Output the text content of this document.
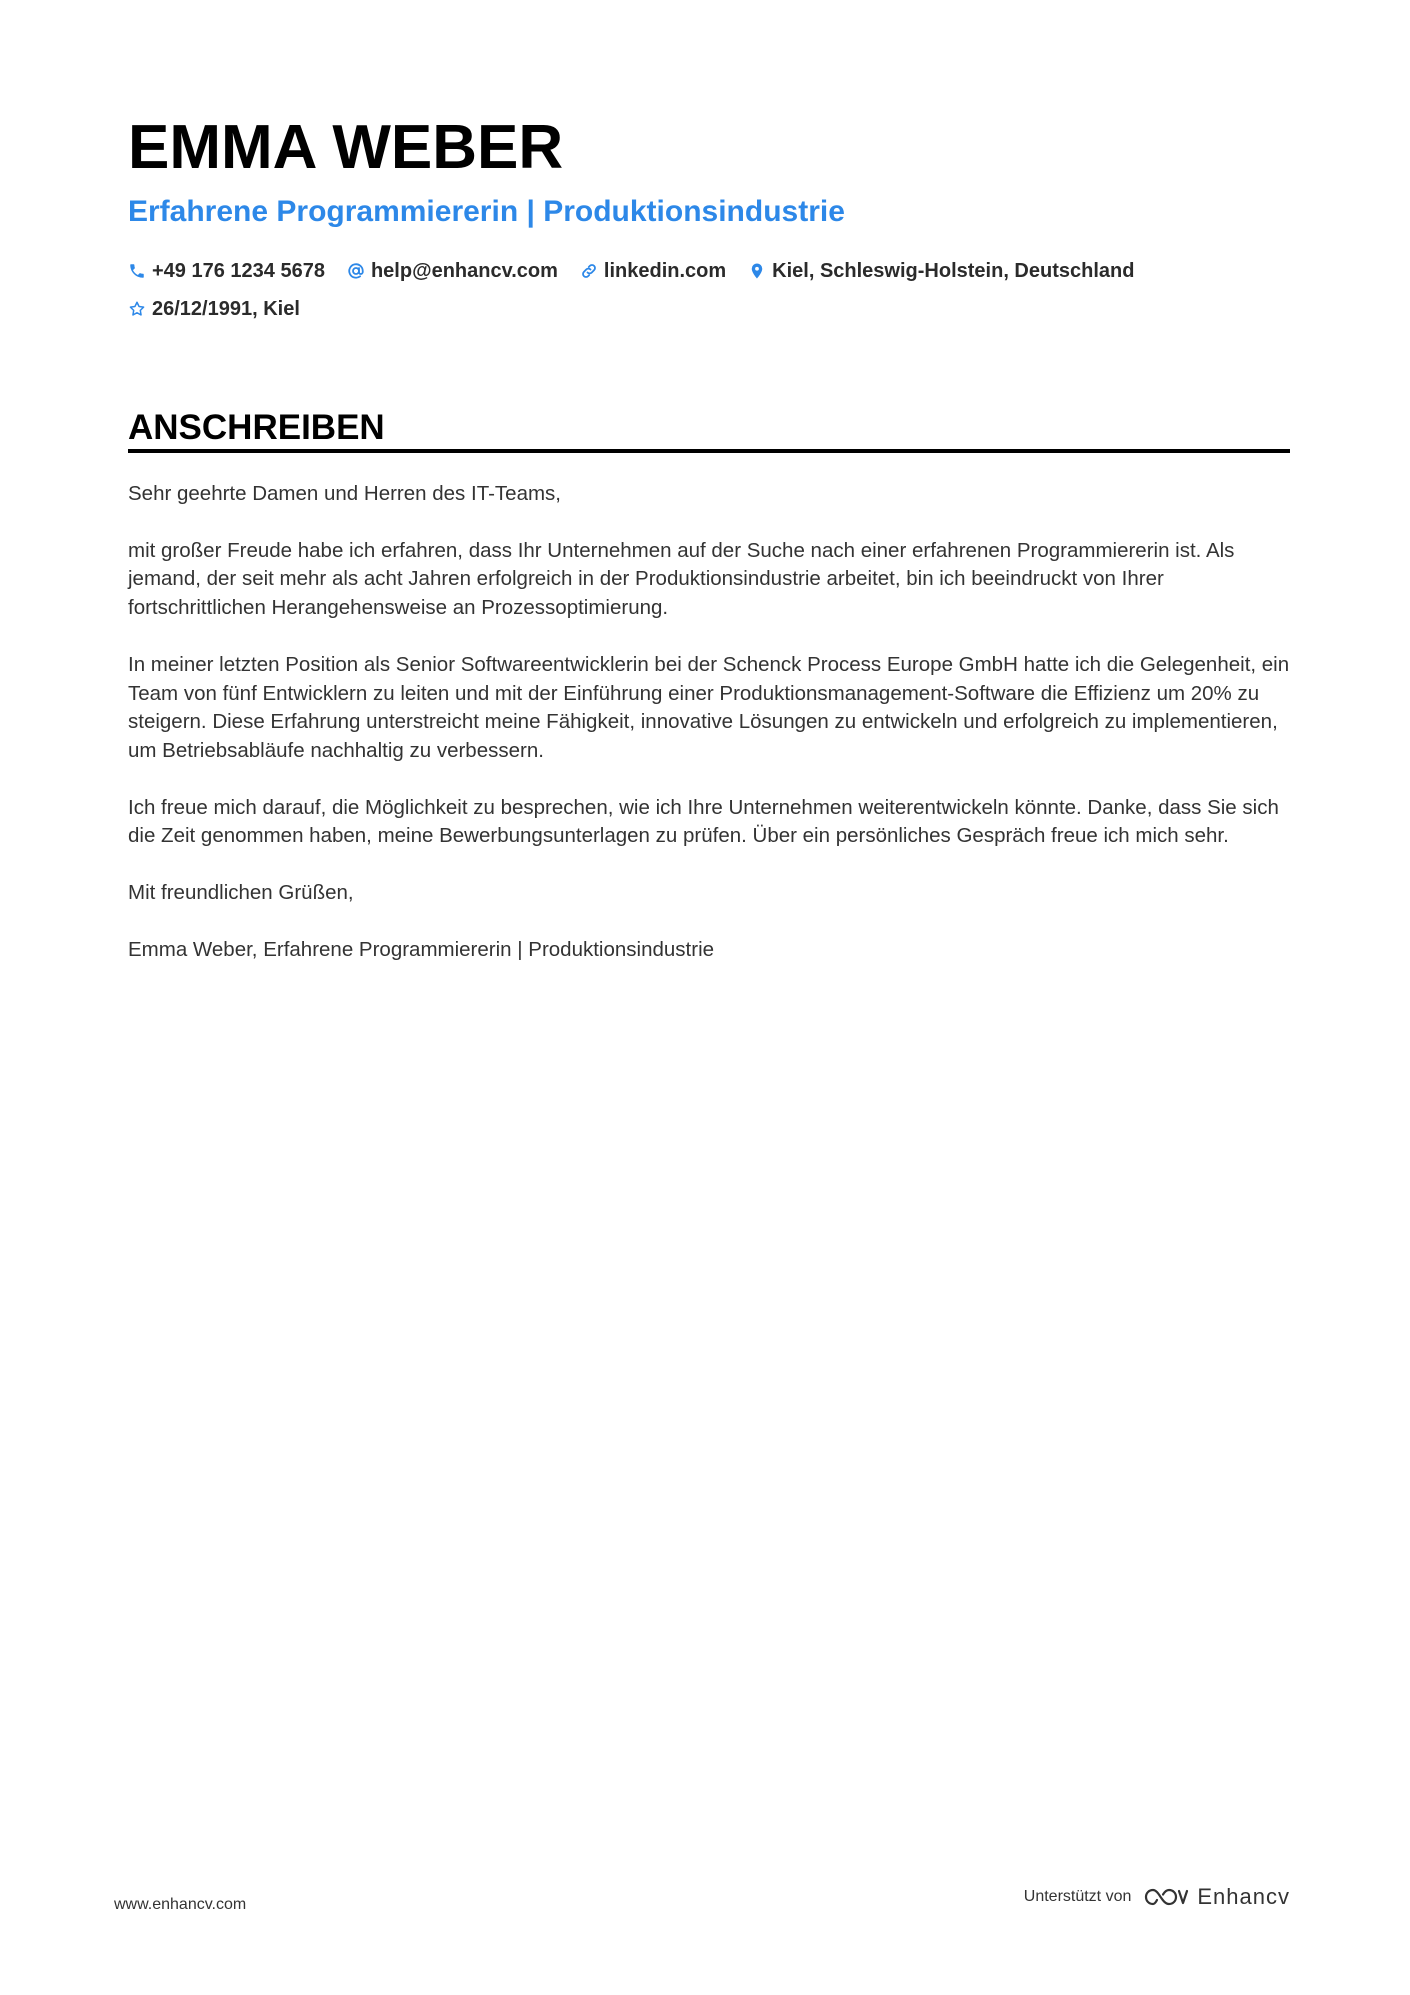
EMMA WEBER
Erfahrene Programmiererin | Produktionsindustrie
+49 176 1234 5678 help@enhancv.com linkedin.com Kiel, Schleswig-Holstein, Deutschland
26/12/1991, Kiel
ANSCHREIBEN

Sehr geehrte Damen und Herren des IT-Teams,

mit großer Freude habe ich erfahren, dass Ihr Unternehmen auf der Suche nach einer erfahrenen Programmiererin ist. Als jemand, der seit mehr als acht Jahren erfolgreich in der Produktionsindustrie arbeitet, bin ich beeindruckt von Ihrer fortschrittlichen Herangehensweise an Prozessoptimierung.

In meiner letzten Position als Senior Softwareentwicklerin bei der Schenck Process Europe GmbH hatte ich die Gelegenheit, ein Team von fünf Entwicklern zu leiten und mit der Einführung einer Produktionsmanagement-Software die Effizienz um 20% zu steigern. Diese Erfahrung unterstreicht meine Fähigkeit, innovative Lösungen zu entwickeln und erfolgreich zu implementieren, um Betriebsabläufe nachhaltig zu verbessern.

Ich freue mich darauf, die Möglichkeit zu besprechen, wie ich Ihre Unternehmen weiterentwickeln könnte. Danke, dass Sie sich die Zeit genommen haben, meine Bewerbungsunterlagen zu prüfen. Über ein persönliches Gespräch freue ich mich sehr.

Mit freundlichen Grüßen,

Emma Weber, Erfahrene Programmiererin | Produktionsindustrie

www.enhancv.com	Unterstützt von	Enhancv
